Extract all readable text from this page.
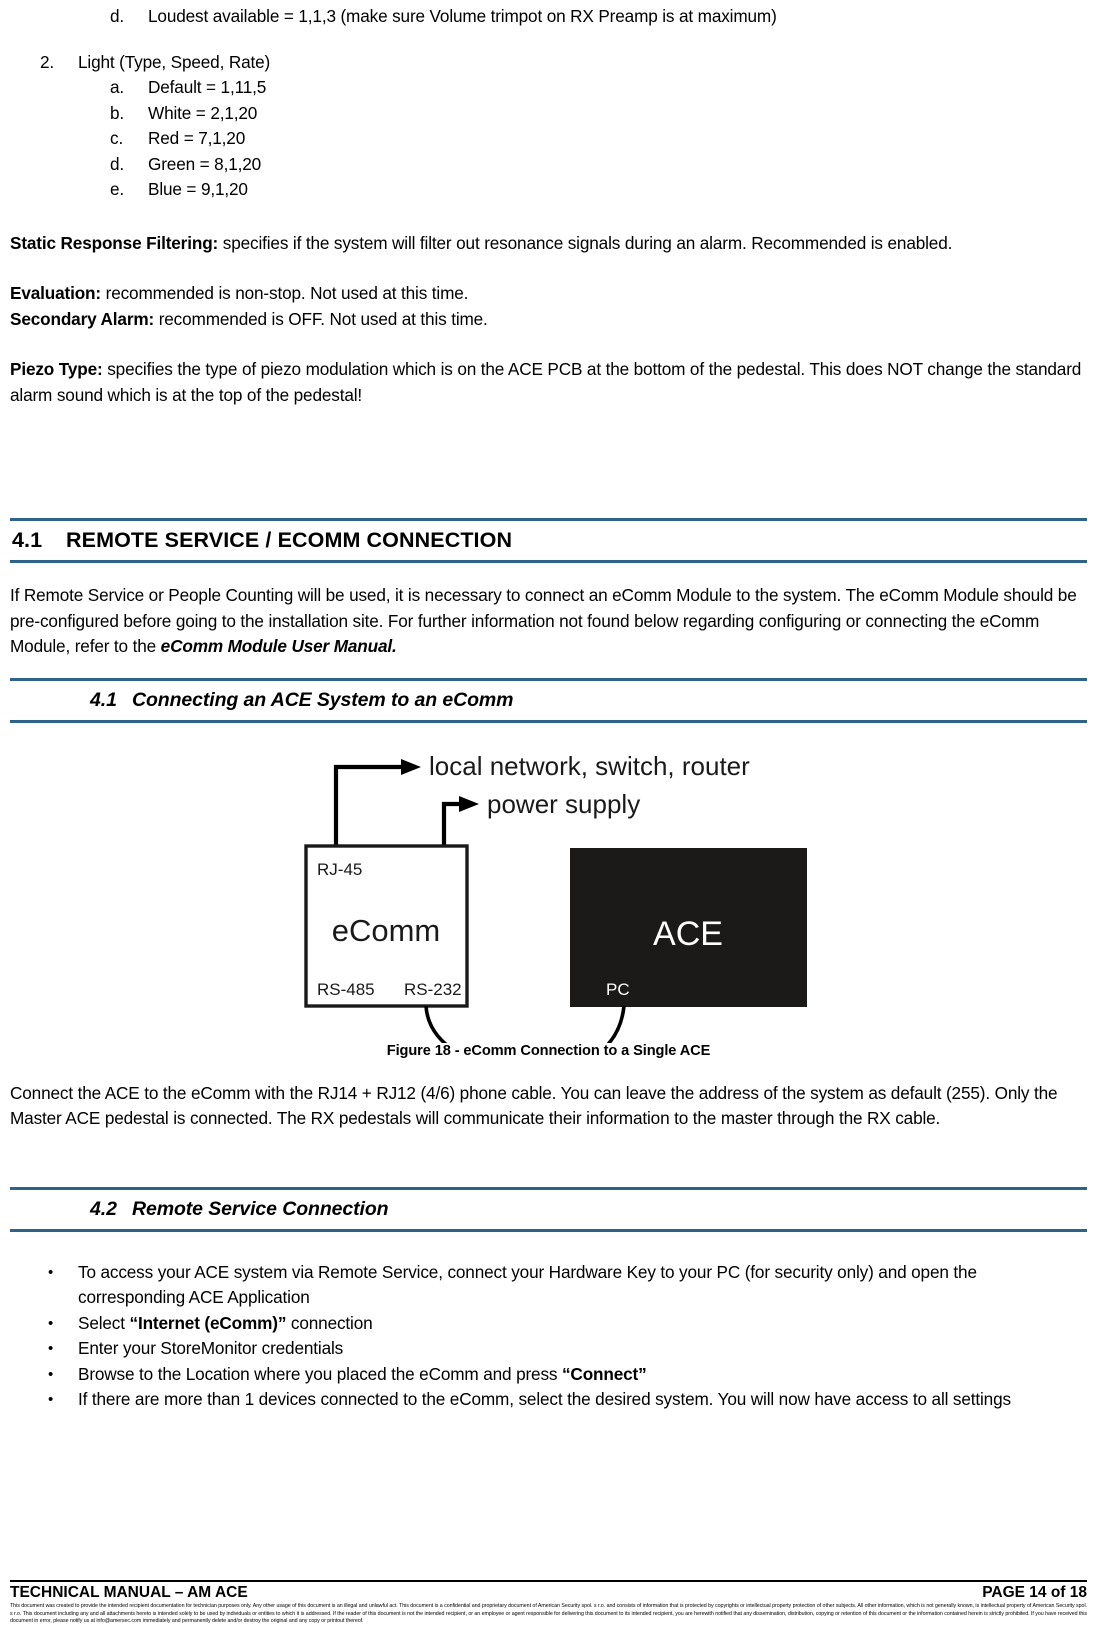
d.	Loudest available = 1,1,3 (make sure Volume trimpot on RX Preamp is at maximum)
2.	Light (Type, Speed, Rate)
a.	Default = 1,11,5
b.	White = 2,1,20
c.	Red = 7,1,20
d.	Green = 8,1,20
e.	Blue = 9,1,20
Static Response Filtering: specifies if the system will filter out resonance signals during an alarm. Recommended is enabled.
Evaluation: recommended is non-stop. Not used at this time.
Secondary Alarm: recommended is OFF. Not used at this time.
Piezo Type: specifies the type of piezo modulation which is on the ACE PCB at the bottom of the pedestal. This does NOT change the standard alarm sound which is at the top of the pedestal!
4.1 REMOTE SERVICE / ECOMM CONNECTION
If Remote Service or People Counting will be used, it is necessary to connect an eComm Module to the system. The eComm Module should be pre-configured before going to the installation site. For further information not found below regarding configuring or connecting the eComm Module, refer to the eComm Module User Manual.
4.1 Connecting an ACE System to an eComm
local network, switch, router
power supply
RJ-45
eComm
RS-485 RS-232
ACE
PC
Figure 18 - eComm Connection to a Single ACE
Connect the ACE to the eComm with the RJ14 + RJ12 (4/6) phone cable. You can leave the address of the system as default (255). Only the Master ACE pedestal is connected. The RX pedestals will communicate their information to the master through the RX cable.
4.2 Remote Service Connection
•	To access your ACE system via Remote Service, connect your Hardware Key to your PC (for security only) and open the corresponding ACE Application
•	Select “Internet (eComm)” connection
•	Enter your StoreMonitor credentials
•	Browse to the Location where you placed the eComm and press “Connect”
•	If there are more than 1 devices connected to the eComm, select the desired system. You will now have access to all settings
TECHNICAL MANUAL – AM ACE	PAGE 14 of 18
This document was created to provide the intended recipient documentation for technician purposes only. Any other usage of this document is an illegal and unlawful act. This document is a confidential and proprietary document of American Security spol. s r.o. and consists of information that is protected by copyrights or intellectual property protection of other subjects. All other information, which is not generally known, is intellectual property of American Security spol. s r.o. This document including any and all attachments hereto is intended solely to be used by individuals or entities to which it is addressed. If the reader of this document is not the intended recipient, or an employee or agent responsible for delivering this document to its intended recipient, you are herewith notified that any dissemination, distribution, copying or retention of this document or the information contained herein is strictly prohibited. If you have received this document in error, please notify us at info@amersec.com immediately and permanently delete and/or destroy the original and any copy or printout thereof.
